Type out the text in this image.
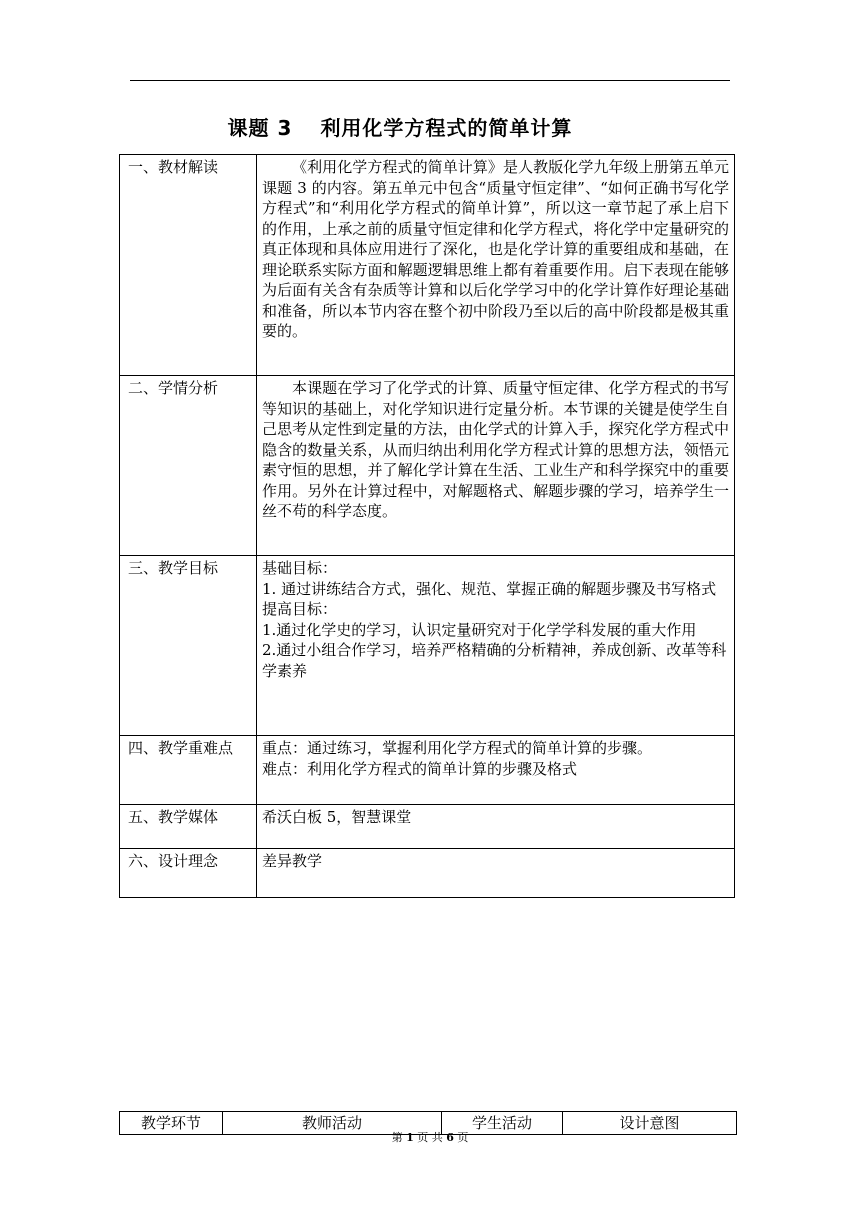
课题 3 利用化学方程式的简单计算
一、教材解读	《利用化学方程式的简单计算》是人教版化学九年级上册第五单元课题 3 的内容。第五单元中包含“质量守恒定律”、“如何正确书写化学方程式”和“利用化学方程式的简单计算”，所以这一章节起了承上启下的作用，上承之前的质量守恒定律和化学方程式，将化学中定量研究的真正体现和具体应用进行了深化，也是化学计算的重要组成和基础，在理论联系实际方面和解题逻辑思维上都有着重要作用。启下表现在能够为后面有关含有杂质等计算和以后化学学习中的化学计算作好理论基础和准备，所以本节内容在整个初中阶段乃至以后的高中阶段都是极其重要的。

二、学情分析	本课题在学习了化学式的计算、质量守恒定律、化学方程式的书写等知识的基础上，对化学知识进行定量分析。本节课的关键是使学生自己思考从定性到定量的方法，由化学式的计算入手，探究化学方程式中隐含的数量关系，从而归纳出利用化学方程式计算的思想方法，领悟元素守恒的思想，并了解化学计算在生活、工业生产和科学探究中的重要作用。另外在计算过程中，对解题格式、解题步骤的学习，培养学生一丝不苟的科学态度。

三、教学目标	基础目标：

1. 通过讲练结合方式，强化、规范、掌握正确的解题步骤及书写格式

提高目标：

1.通过化学史的学习，认识定量研究对于化学学科发展的重大作用

2.通过小组合作学习，培养严格精确的分析精神，养成创新、改革等科学素养

四、教学重难点	重点：通过练习，掌握利用化学方程式的简单计算的步骤。

难点：利用化学方程式的简单计算的步骤及格式

五、教学媒体	希沃白板 5，智慧课堂

六、设计理念	差异教学

教学环节	教师活动	学生活动	设计意图
第 1 页 共 6 页
